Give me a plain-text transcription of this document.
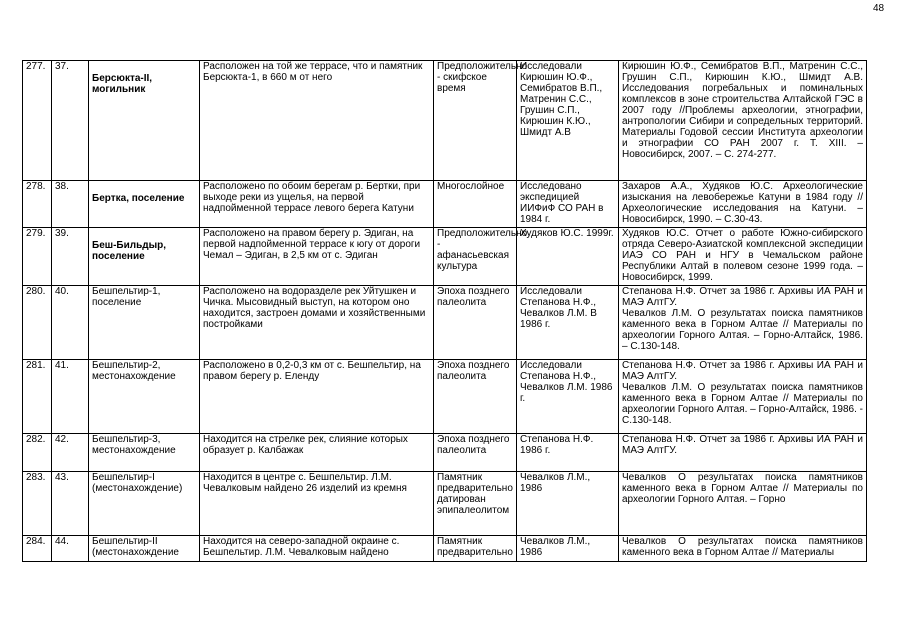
48
277.	37.	Берсюкта-II, могильник	Расположен на той же террасе, что и памятник Берсюкта-1, в 660 м от него	Предположительно - скифское время	Исследовали Кирюшин Ю.Ф., Семибратов В.П., Матренин С.С., Грушин С.П., Кирюшин К.Ю., Шмидт А.В	Кирюшин Ю.Ф., Семибратов В.П., Матренин С.С., Грушин С.П., Кирюшин К.Ю., Шмидт А.В. Исследования погребальных и поминальных комплексов в зоне строительства Алтайской ГЭС в 2007 году //Проблемы археологии, этнографии, антропологии Сибири и сопредельных территорий. Материалы Годовой сессии Института археологии и этнографии СО РАН 2007 г. Т. XIII. – Новосибирск, 2007. – С. 274-277.

278.	38.	Бертка, поселение	Расположено по обоим берегам р. Бертки, при выходе реки из ущелья, на первой надпойменной террасе левого берега Катуни	Многослойное	Исследовано экспедицией ИИФиФ СО РАН в 1984 г.	Захаров А.А., Худяков Ю.С. Археологические изыскания на левобережье Катуни в 1984 году //Археологические исследования на Катуни. – Новосибирск, 1990. – С.30-43.

279.	39.	Беш-Бильдыр, поселение	Расположено на правом берегу р. Эдиган, на первой надпойменной террасе к югу от дороги Чемал – Эдиган, в 2,5 км от с. Эдиган	Предположительно - афанасьевская культура	Худяков Ю.С. 1999г.	Худяков Ю.С. Отчет о работе Южно-сибирского отряда Северо-Азиатской комплексной экспедиции ИАЭ СО РАН и НГУ в Чемальском районе Республики Алтай в полевом сезоне 1999 года. – Новосибирск, 1999.

280.	40.	Бешпельтир-1, поселение	Расположено на водоразделе рек Уйтушкен и Чичка. Мысовидный выступ, на котором оно находится, застроен домами и хозяйственными постройками	Эпоха позднего палеолита	Исследовали Степанова Н.Ф., Чевалков Л.М. В 1986 г.	Степанова Н.Ф. Отчет за 1986 г. Архивы ИА РАН и МАЭ АлтГУ.

Чевалков Л.М. О результатах поиска памятников каменного века в Горном Алтае // Материалы по археологии Горного Алтая. – Горно-Алтайск, 1986. – С.130-148.

281.	41.	Бешпельтир-2, местонахождение	Расположено в 0,2-0,3 км от с. Бешпельтир, на правом берегу р. Еленду	Эпоха позднего палеолита	Исследовали Степанова Н.Ф., Чевалков Л.М. 1986 г.	Степанова Н.Ф. Отчет за 1986 г. Архивы ИА РАН и МАЭ АлтГУ.

Чевалков Л.М. О результатах поиска памятников каменного века в Горном Алтае // Материалы по археологии Горного Алтая. – Горно-Алтайск, 1986. - С.130-148.

282.	42.	Бешпельтир-3, местонахождение	Находится на стрелке рек, слияние которых образует р. Калбажак	Эпоха позднего палеолита	Степанова Н.Ф. 1986 г.	Степанова Н.Ф. Отчет за 1986 г. Архивы ИА РАН и МАЭ АлтГУ.

283.	43.	Бешпельтир-I (местонахождение)	Находится в центре с. Бешпельтир. Л.М. Чевалковым найдено 26 изделий из кремня	Памятник предварительно датирован эпипалеолитом	Чевалков Л.М., 1986	Чевалков О результатах поиска памятников каменного века в Горном Алтае // Материалы по археологии Горного Алтая. – Горно

284.	44.	Бешпельтир-II (местонахождение	Находится на северо-западной окраине с. Бешпельтир. Л.М. Чевалковым найдено	Памятник предварительно	Чевалков Л.М., 1986	Чевалков О результатах поиска памятников каменного века в Горном Алтае // Материалы
